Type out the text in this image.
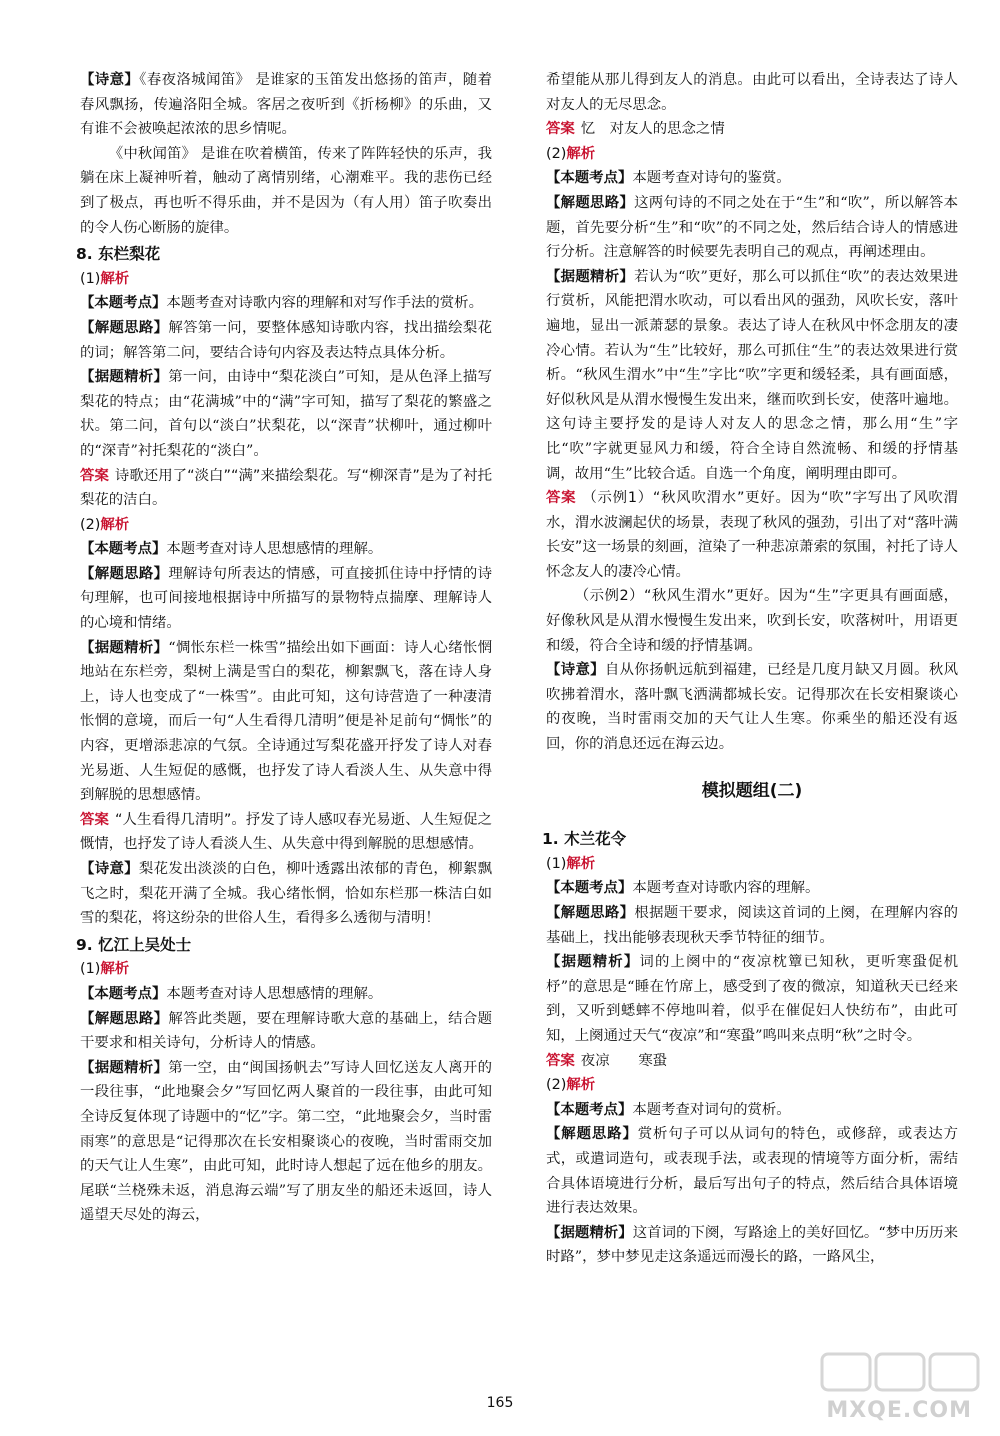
【诗意】《春夜洛城闻笛》 是谁家的玉笛发出悠扬的笛声，随着春风飘扬，传遍洛阳全城。客居之夜听到《折杨柳》的乐曲，又有谁不会被唤起浓浓的思乡情呢。

《中秋闻笛》 是谁在吹着横笛，传来了阵阵轻快的乐声，我躺在床上凝神听着，触动了离情别绪，心潮难平。我的悲伤已经到了极点，再也听不得乐曲，并不是因为（有人用）笛子吹奏出的令人伤心断肠的旋律。

8. 东栏梨花

(1)解析

【本题考点】本题考查对诗歌内容的理解和对写作手法的赏析。

【解题思路】解答第一问，要整体感知诗歌内容，找出描绘梨花的词；解答第二问，要结合诗句内容及表达特点具体分析。

【据题精析】第一问，由诗中“梨花淡白”可知，是从色泽上描写梨花的特点；由“花满城”中的“满”字可知，描写了梨花的繁盛之状。第二问，首句以“淡白”状梨花，以“深青”状柳叶，通过柳叶的“深青”衬托梨花的“淡白”。

答案 诗歌还用了“淡白”“满”来描绘梨花。写“柳深青”是为了衬托梨花的洁白。

(2)解析

【本题考点】本题考查对诗人思想感情的理解。

【解题思路】理解诗句所表达的情感，可直接抓住诗中抒情的诗句理解，也可间接地根据诗中所描写的景物特点揣摩、理解诗人的心境和情绪。

【据题精析】“惆怅东栏一株雪”描绘出如下画面：诗人心绪怅惘地站在东栏旁，梨树上满是雪白的梨花，柳絮飘飞，落在诗人身上，诗人也变成了“一株雪”。由此可知，这句诗营造了一种凄清怅惘的意境，而后一句“人生看得几清明”便是补足前句“惆怅”的内容，更增添悲凉的气氛。全诗通过写梨花盛开抒发了诗人对春光易逝、人生短促的感慨，也抒发了诗人看淡人生、从失意中得到解脱的思想感情。

答案 “人生看得几清明”。抒发了诗人感叹春光易逝、人生短促之慨情，也抒发了诗人看淡人生、从失意中得到解脱的思想感情。

【诗意】梨花发出淡淡的白色，柳叶透露出浓郁的青色，柳絮飘飞之时，梨花开满了全城。我心绪怅惘，恰如东栏那一株洁白如雪的梨花，将这纷杂的世俗人生，看得多么透彻与清明！

9. 忆江上吴处士

(1)解析

【本题考点】本题考查对诗人思想感情的理解。

【解题思路】解答此类题，要在理解诗歌大意的基础上，结合题干要求和相关诗句，分析诗人的情感。

【据题精析】第一空，由“闽国扬帆去”写诗人回忆送友人离开的一段往事，“此地聚会夕”写回忆两人聚首的一段往事，由此可知全诗反复体现了诗题中的“忆”字。第二空，“此地聚会夕，当时雷雨寒”的意思是“记得那次在长安相聚谈心的夜晚，当时雷雨交加的天气让人生寒”，由此可知，此时诗人想起了远在他乡的朋友。尾联“兰桡殊未返，消息海云端”写了朋友坐的船还未返回，诗人遥望天尽处的海云，

希望能从那儿得到友人的消息。由此可以看出，全诗表达了诗人对友人的无尽思念。

答案 忆　对友人的思念之情

(2)解析

【本题考点】本题考查对诗句的鉴赏。

【解题思路】这两句诗的不同之处在于“生”和“吹”，所以解答本题，首先要分析“生”和“吹”的不同之处，然后结合诗人的情感进行分析。注意解答的时候要先表明自己的观点，再阐述理由。

【据题精析】若认为“吹”更好，那么可以抓住“吹”的表达效果进行赏析，风能把渭水吹动，可以看出风的强劲，风吹长安，落叶遍地，显出一派萧瑟的景象。表达了诗人在秋风中怀念朋友的凄冷心情。若认为“生”比较好，那么可抓住“生”的表达效果进行赏析。“秋风生渭水”中“生”字比“吹”字更和缓轻柔，具有画面感，好似秋风是从渭水慢慢生发出来，继而吹到长安，使落叶遍地。这句诗主要抒发的是诗人对友人的思念之情，那么用“生”字比“吹”字就更显风力和缓，符合全诗自然流畅、和缓的抒情基调，故用“生”比较合适。自选一个角度，阐明理由即可。

答案 （示例1）“秋风吹渭水”更好。因为“吹”字写出了风吹渭水，渭水波澜起伏的场景，表现了秋风的强劲，引出了对“落叶满长安”这一场景的刻画，渲染了一种悲凉萧索的氛围，衬托了诗人怀念友人的凄冷心情。

（示例2）“秋风生渭水”更好。因为“生”字更具有画面感，好像秋风是从渭水慢慢生发出来，吹到长安，吹落树叶，用语更和缓，符合全诗和缓的抒情基调。

【诗意】自从你扬帆远航到福建，已经是几度月缺又月圆。秋风吹拂着渭水，落叶飘飞洒满都城长安。记得那次在长安相聚谈心的夜晚，当时雷雨交加的天气让人生寒。你乘坐的船还没有返回，你的消息还远在海云边。

模拟题组(二)
1. 木兰花令

(1)解析

【本题考点】本题考查对诗歌内容的理解。

【解题思路】根据题干要求，阅读这首词的上阕，在理解内容的基础上，找出能够表现秋天季节特征的细节。

【据题精析】词的上阕中的“夜凉枕簟已知秋，更听寒蛩促机杼”的意思是“睡在竹席上，感受到了夜的微凉，知道秋天已经来到，又听到蟋蟀不停地叫着，似乎在催促妇人快纺布”，由此可知，上阕通过天气“夜凉”和“寒蛩”鸣叫来点明“秋”之时令。

答案 夜凉　　寒蛩

(2)解析

【本题考点】本题考查对词句的赏析。

【解题思路】赏析句子可以从词句的特色，或修辞，或表达方式，或遣词造句，或表现手法，或表现的情境等方面分析，需结合具体语境进行分析，最后写出句子的特点，然后结合具体语境进行表达效果。

【据题精析】这首词的下阕，写路途上的美好回忆。“梦中历历来时路”，梦中梦见走这条遥远而漫长的路，一路风尘，

165	MXQE.COM
